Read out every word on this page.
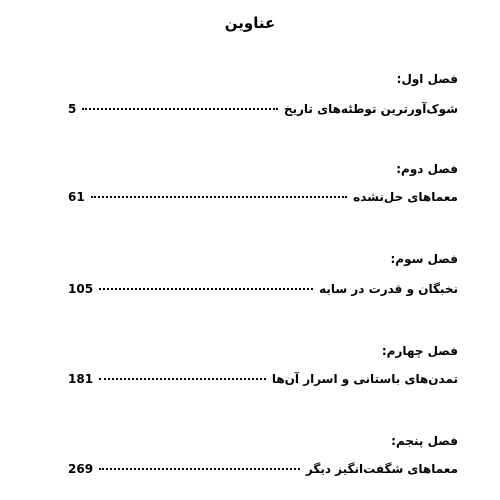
عناوین
فصل اول:
شوک‌آورترین توطئه‌های تاریخ
5
فصل دوم:
معماهای حل‌نشده
61
فصل سوم:
نخبگان و قدرت در سایه
105
فصل چهارم:
تمدن‌های باستانی و اسرار آن‌ها
181
فصل پنجم:
معماهای شگفت‌انگیز دیگر
269
